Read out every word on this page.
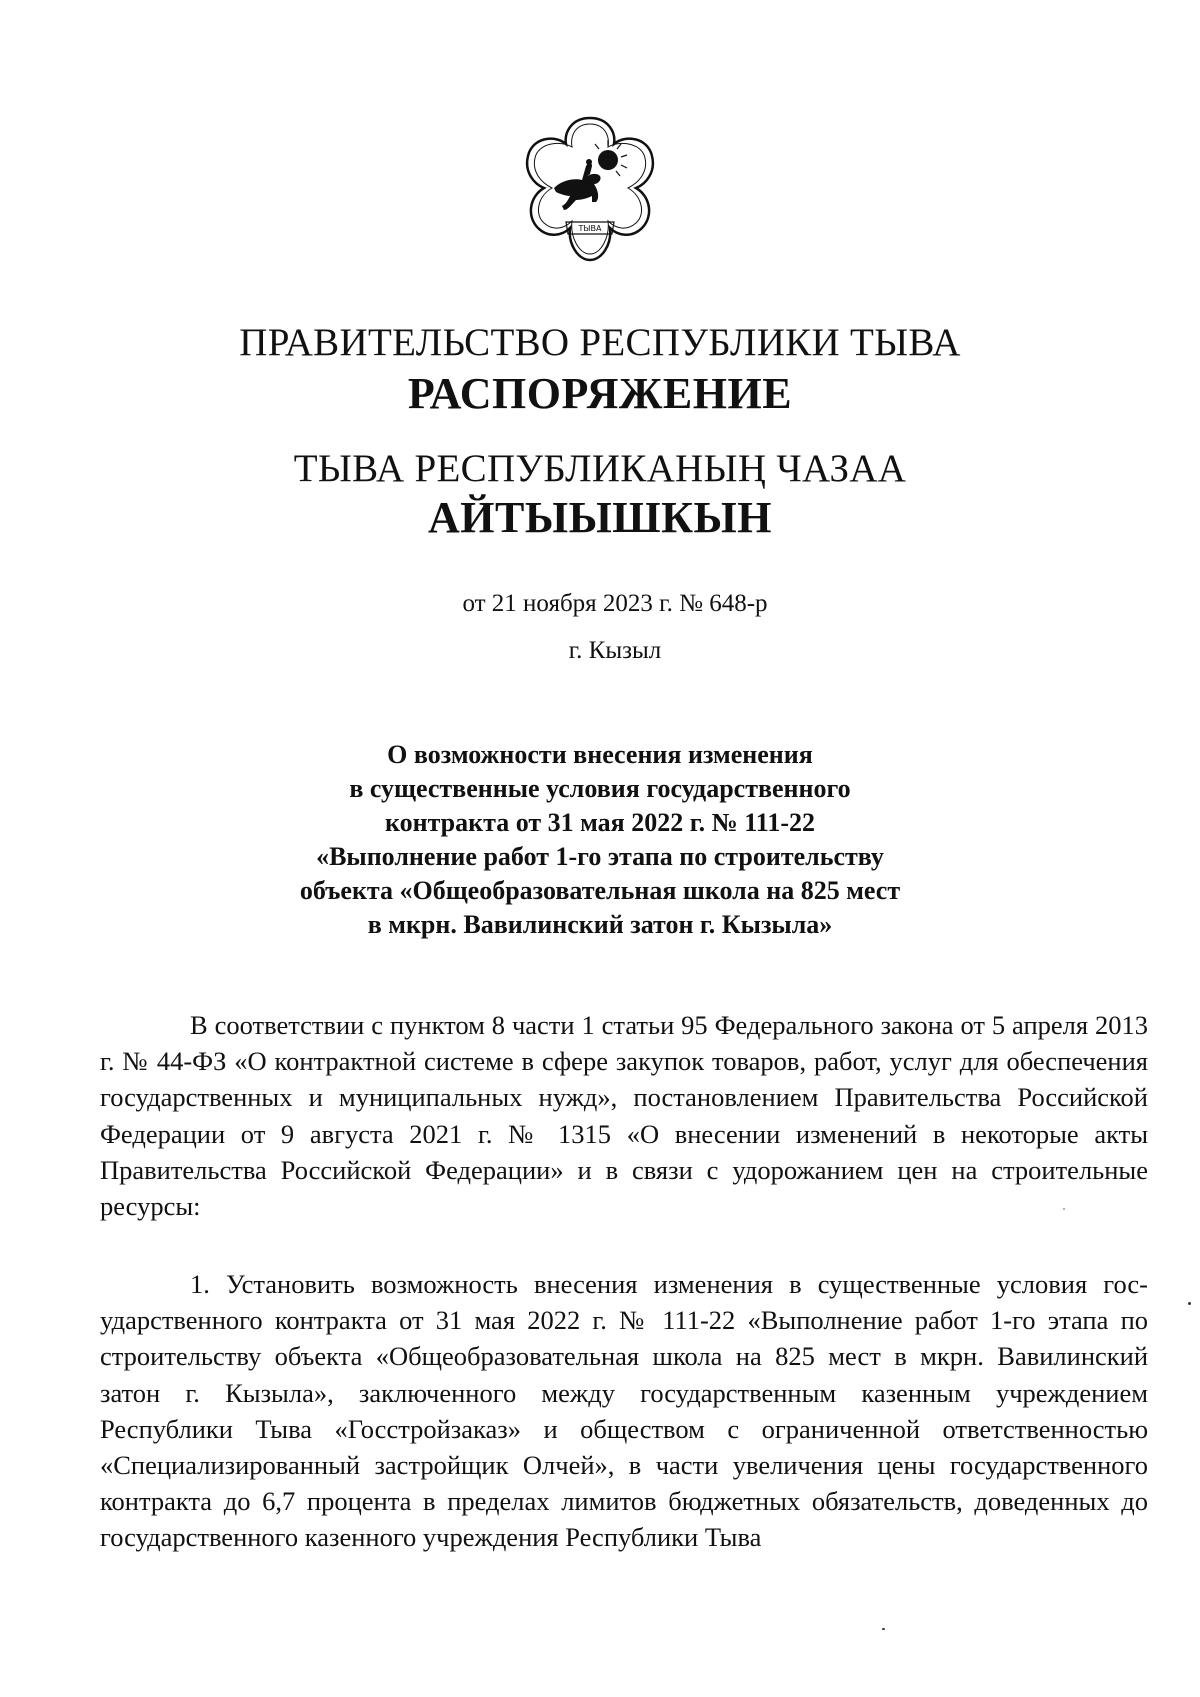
ТЫВА
ПРАВИТЕЛЬСТВО РЕСПУБЛИКИ ТЫВА
РАСПОРЯЖЕНИЕ
ТЫВА РЕСПУБЛИКАНЫҢ ЧАЗАА
АЙТЫЫШКЫН
от 21 ноября 2023 г. № 648-р
г. Кызыл
О возможности внесения изменения
в существенные условия государственного
контракта от 31 мая 2022 г. № 111-22
«Выполнение работ 1-го этапа по строительству
объекта «Общеобразовательная школа на 825 мест
в мкрн. Вавилинский затон г. Кызыла»

В соответствии с пунктом 8 части 1 статьи 95 Федерального закона от 5 апреля 2013 г. № 44-ФЗ «О контрактной системе в сфере закупок товаров, работ, услуг для обеспечения государственных и муниципальных нужд», постановлением Правительства Российской Федерации от 9 августа 2021 г. № 1315 «О внесении изменений в некоторые акты Правительства Российской Федерации» и в связи с удорожанием цен на строительные ресурсы:

1. Установить возможность внесения изменения в существенные условия государственного контракта от 31 мая 2022 г. № 111-22 «Выполнение работ 1-го этапа по строительству объекта «Общеобразовательная школа на 825 мест в мкрн. Вавилинский затон г. Кызыла», заключенного между государственным казенным учреждением Республики Тыва «Госстройзаказ» и обществом с ограниченной ответственностью «Специализированный застройщик Олчей», в части увеличения цены государственного контракта до 6,7 процента в пределах лимитов бюджетных обязательств, доведенных до государственного казенного учреждения Республики Тыва
